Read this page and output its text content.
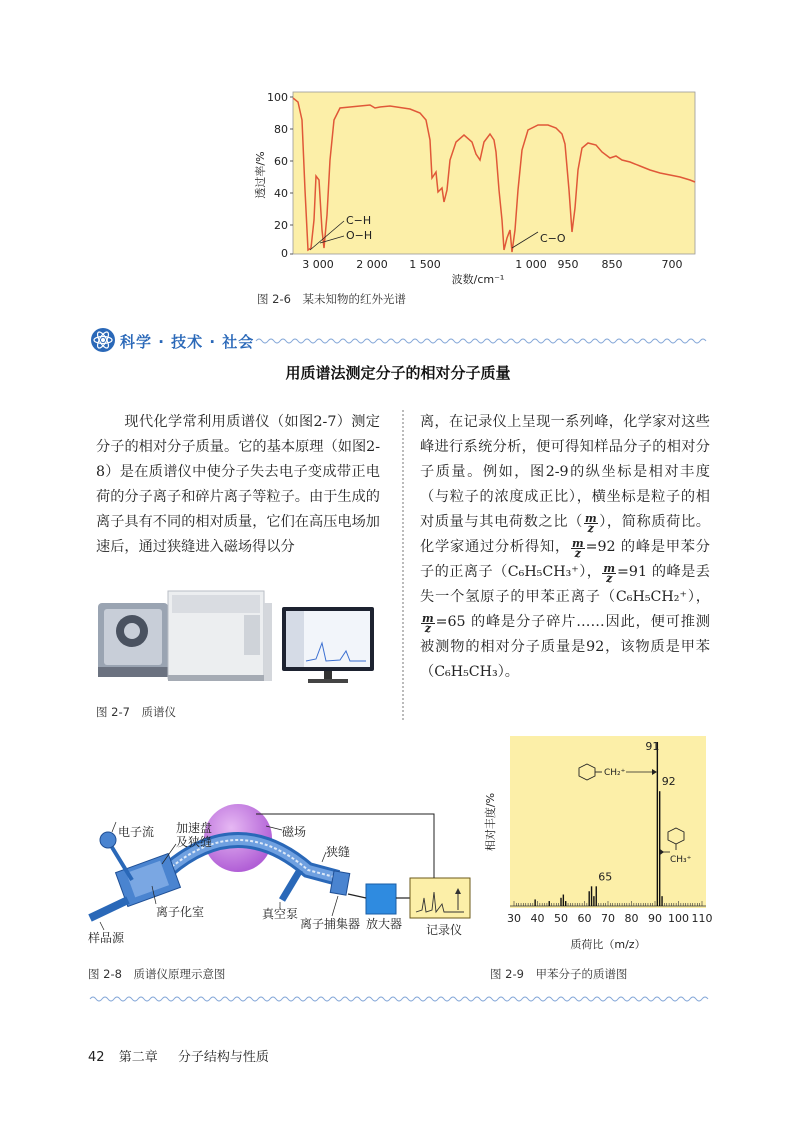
100
80
60
40
20
0
透过率/%
3 000 2 000 1 500	1 000 950 850	700
波数/cm⁻¹
C−H
O−H	C−O
图 2-6　某未知物的红外光谱
科学 · 技术 · 社会
用质谱法测定分子的相对分子质量
现代化学常利用质谱仪（如图2-7）测定分子的相对分子质量。它的基本原理（如图2-8）是在质谱仪中使分子失去电子变成带正电荷的分子离子和碎片离子等粒子。由于生成的离子具有不同的相对质量，它们在高压电场加速后，通过狭缝进入磁场得以分
离，在记录仪上呈现一系列峰，化学家对这些峰进行系统分析，便可得知样品分子的相对分子质量。例如，图2-9的纵坐标是相对丰度（与粒子的浓度成正比），横坐标是粒子的相对质量与其电荷数之比（ $\frac{m}{z}$ ），简称质荷比。化学家通过分析得知， $\frac{m}{z} =92$ 的峰是甲苯分子的正离子（C₆H₅CH₃⁺）， $\frac{m}{z} =91$ 的峰是丢失一个氢原子的甲苯正离子（C₆H₅CH₂⁺），
$\frac{m}{z} =65$ 的峰是分子碎片……因此，便可推测被测物的相对分子质量是92，该物质是甲苯（C₆H₅CH₃）。
图 2-7　质谱仪
电子流 加速盘
及狭缝
磁场
狭缝
离子化室	真空泵
样品源
离子捕集器 放大器 记录仪
图 2-8　质谱仪原理示意图
30 40 50 60 70 80 90 100 110
相对丰度/%
质荷比（m/z）
91
92
65
CH₂⁺
CH₃⁺
图 2-9　甲苯分子的质谱图
42 第二章 分子结构与性质
